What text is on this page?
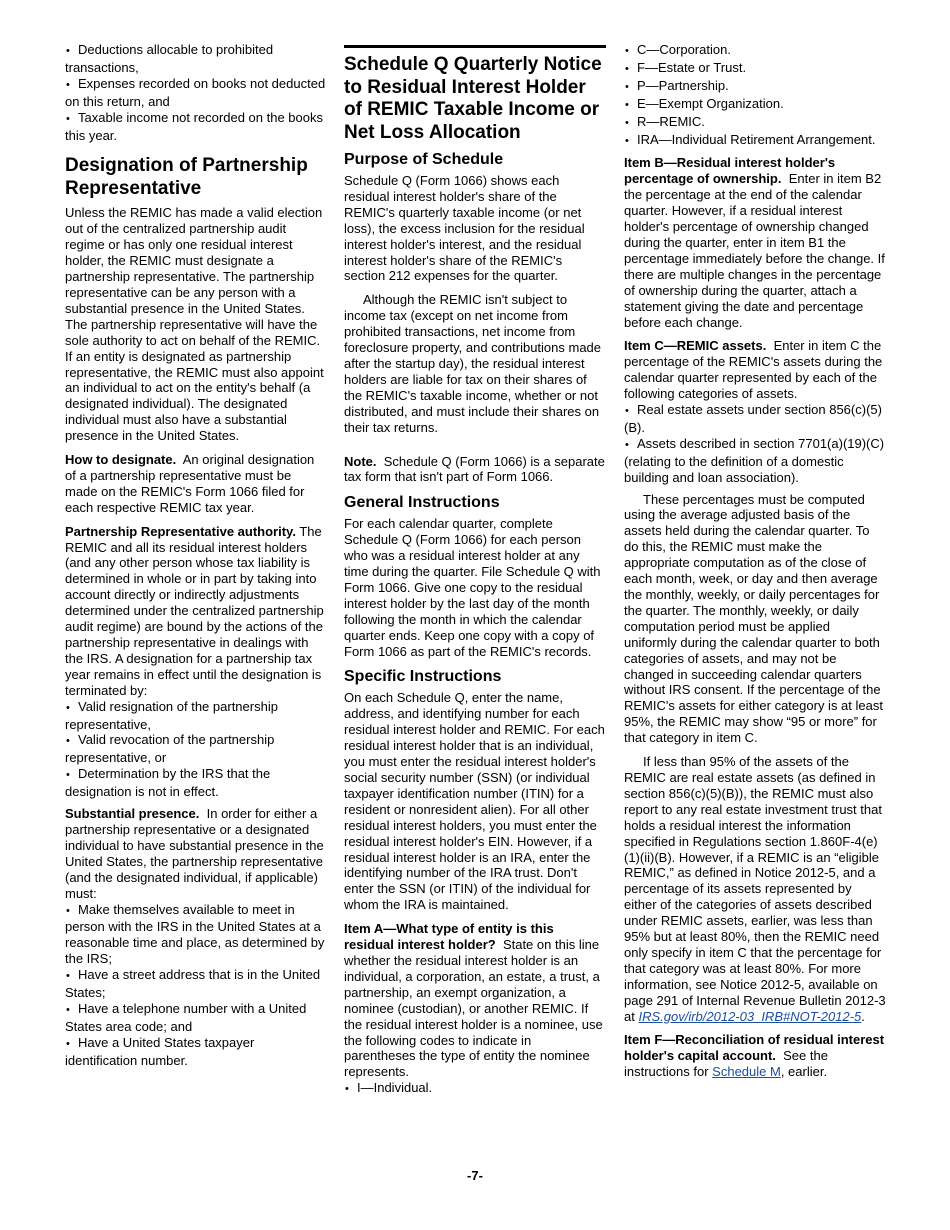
• Deductions allocable to prohibited transactions,
• Expenses recorded on books not deducted on this return, and
• Taxable income not recorded on the books this year.
Designation of Partnership Representative

Unless the REMIC has made a valid election out of the centralized partnership audit regime or has only one residual interest holder, the REMIC must designate a partnership representative. The partnership representative can be any person with a substantial presence in the United States. The partnership representative will have the sole authority to act on behalf of the REMIC. If an entity is designated as partnership representative, the REMIC must also appoint an individual to act on the entity's behalf (a designated individual). The designated individual must also have a substantial presence in the United States.

How to designate. An original designation of a partnership representative must be made on the REMIC's Form 1066 filed for each respective REMIC tax year.

Partnership Representative authority. The REMIC and all its residual interest holders (and any other person whose tax liability is determined in whole or in part by taking into account directly or indirectly adjustments determined under the centralized partnership audit regime) are bound by the actions of the partnership representative in dealings with the IRS. A designation for a partnership tax year remains in effect until the designation is terminated by:

• Valid resignation of the partnership representative,
• Valid revocation of the partnership representative, or
• Determination by the IRS that the designation is not in effect.

Substantial presence. In order for either a partnership representative or a designated individual to have substantial presence in the United States, the partnership representative (and the designated individual, if applicable) must:

• Make themselves available to meet in person with the IRS in the United States at a reasonable time and place, as determined by the IRS;
• Have a street address that is in the United States;
• Have a telephone number with a United States area code; and
• Have a United States taxpayer identification number.
Schedule Q Quarterly Notice to Residual Interest Holder of REMIC Taxable Income or Net Loss Allocation
Purpose of Schedule

Schedule Q (Form 1066) shows each residual interest holder's share of the REMIC's quarterly taxable income (or net loss), the excess inclusion for the residual interest holder's interest, and the residual interest holder's share of the REMIC's section 212 expenses for the quarter.

Although the REMIC isn't subject to income tax (except on net income from prohibited transactions, net income from foreclosure property, and contributions made after the startup day), the residual interest holders are liable for tax on their shares of the REMIC's taxable income, whether or not distributed, and must include their shares on their tax returns.

Note. Schedule Q (Form 1066) is a separate tax form that isn't part of Form 1066.

General Instructions

For each calendar quarter, complete Schedule Q (Form 1066) for each person who was a residual interest holder at any time during the quarter. File Schedule Q with Form 1066. Give one copy to the residual interest holder by the last day of the month following the month in which the calendar quarter ends. Keep one copy with a copy of Form 1066 as part of the REMIC's records.

Specific Instructions

On each Schedule Q, enter the name, address, and identifying number for each residual interest holder and REMIC. For each residual interest holder that is an individual, you must enter the residual interest holder's social security number (SSN) (or individual taxpayer identification number (ITIN) for a resident or nonresident alien). For all other residual interest holders, you must enter the residual interest holder's EIN. However, if a residual interest holder is an IRA, enter the identifying number of the IRA trust. Don't enter the SSN (or ITIN) of the individual for whom the IRA is maintained.

Item A—What type of entity is this residual interest holder? State on this line whether the residual interest holder is an individual, a corporation, an estate, a trust, a partnership, an exempt organization, a nominee (custodian), or another REMIC. If the residual interest holder is a nominee, use the following codes to indicate in parentheses the type of entity the nominee represents.

• I—Individual.
• C—Corporation.
• F—Estate or Trust.
• P—Partnership.
• E—Exempt Organization.
• R—REMIC.
• IRA—Individual Retirement Arrangement.

Item B—Residual interest holder's percentage of ownership. Enter in item B2 the percentage at the end of the calendar quarter. However, if a residual interest holder's percentage of ownership changed during the quarter, enter in item B1 the percentage immediately before the change. If there are multiple changes in the percentage of ownership during the quarter, attach a statement giving the date and percentage before each change.

Item C—REMIC assets. Enter in item C the percentage of the REMIC's assets during the calendar quarter represented by each of the following categories of assets.

• Real estate assets under section 856(c)(5)(B).
• Assets described in section 7701(a)(19)(C) (relating to the definition of a domestic building and loan association).

These percentages must be computed using the average adjusted basis of the assets held during the calendar quarter. To do this, the REMIC must make the appropriate computation as of the close of each month, week, or day and then average the monthly, weekly, or daily percentages for the quarter. The monthly, weekly, or daily computation period must be applied uniformly during the calendar quarter to both categories of assets, and may not be changed in succeeding calendar quarters without IRS consent. If the percentage of the REMIC's assets for either category is at least 95%, the REMIC may show “95 or more” for that category in item C.

If less than 95% of the assets of the REMIC are real estate assets (as defined in section 856(c)(5)(B)), the REMIC must also report to any real estate investment trust that holds a residual interest the information specified in Regulations section 1.860F-4(e)(1)(ii)(B). However, if a REMIC is an “eligible REMIC,” as defined in Notice 2012-5, and a percentage of its assets represented by either of the categories of assets described under REMIC assets, earlier, was less than 95% but at least 80%, then the REMIC need only specify in item C that the percentage for that category was at least 80%. For more information, see Notice 2012-5, available on page 291 of Internal Revenue Bulletin 2012-3 at IRS.gov/irb/2012-03_IRB#NOT-2012-5.

Item F—Reconciliation of residual interest holder's capital account. See the instructions for Schedule M, earlier.

-7-
